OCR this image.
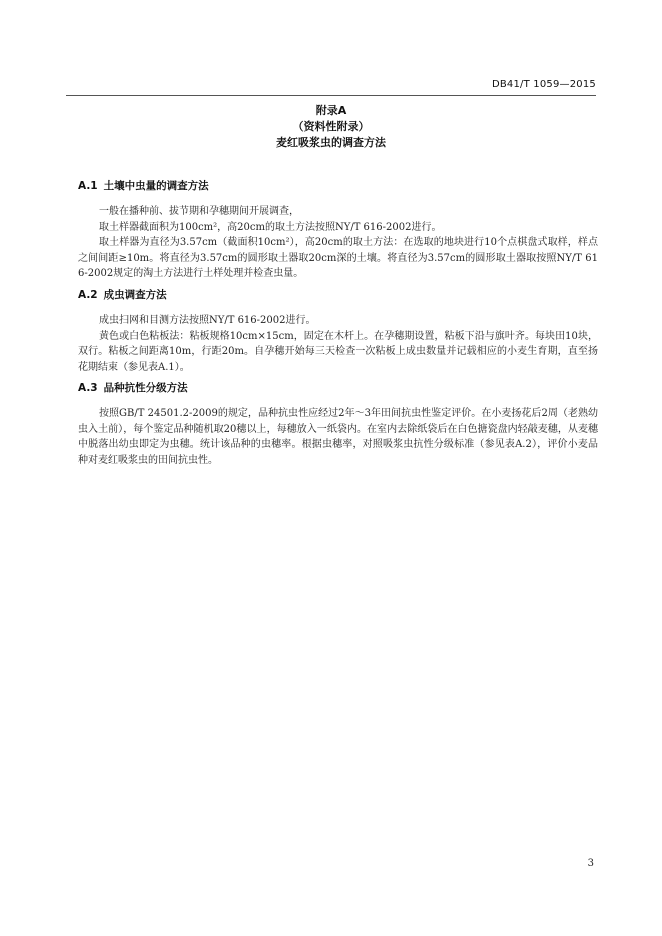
DB41/T 1059—2015
附录A
（资料性附录）
麦红吸浆虫的调查方法
A.1 土壤中虫量的调查方法

一般在播种前、拔节期和孕穗期间开展调查，

取土样器截面积为100cm²，高20cm的取土方法按照NY/T 616-2002进行。

取土样器为直径为3.57cm（截面积10cm²），高20cm的取土方法：在选取的地块进行10个点棋盘式取样，样点之间间距≥10m。将直径为3.57cm的圆形取土器取20cm深的土壤。将直径为3.57cm的圆形取土器取按照NY/T 616-2002规定的淘土方法进行土样处理并检查虫量。

A.2 成虫调查方法

成虫扫网和目测方法按照NY/T 616-2002进行。

黄色或白色粘板法：粘板规格10cm×15cm，固定在木杆上。在孕穗期设置，粘板下沿与旗叶齐。每块田10块，双行。粘板之间距离10m，行距20m。自孕穗开始每三天检查一次粘板上成虫数量并记载相应的小麦生育期，直至扬花期结束（参见表A.1）。

A.3 品种抗性分级方法

按照GB/T 24501.2-2009的规定，品种抗虫性应经过2年～3年田间抗虫性鉴定评价。在小麦扬花后2周（老熟幼虫入土前），每个鉴定品种随机取20穗以上，每穗放入一纸袋内。在室内去除纸袋后在白色搪瓷盘内轻敲麦穗，从麦穗中脱落出幼虫即定为虫穗。统计该品种的虫穗率。根据虫穗率，对照吸浆虫抗性分级标准（参见表A.2），评价小麦品种对麦红吸浆虫的田间抗虫性。

3
